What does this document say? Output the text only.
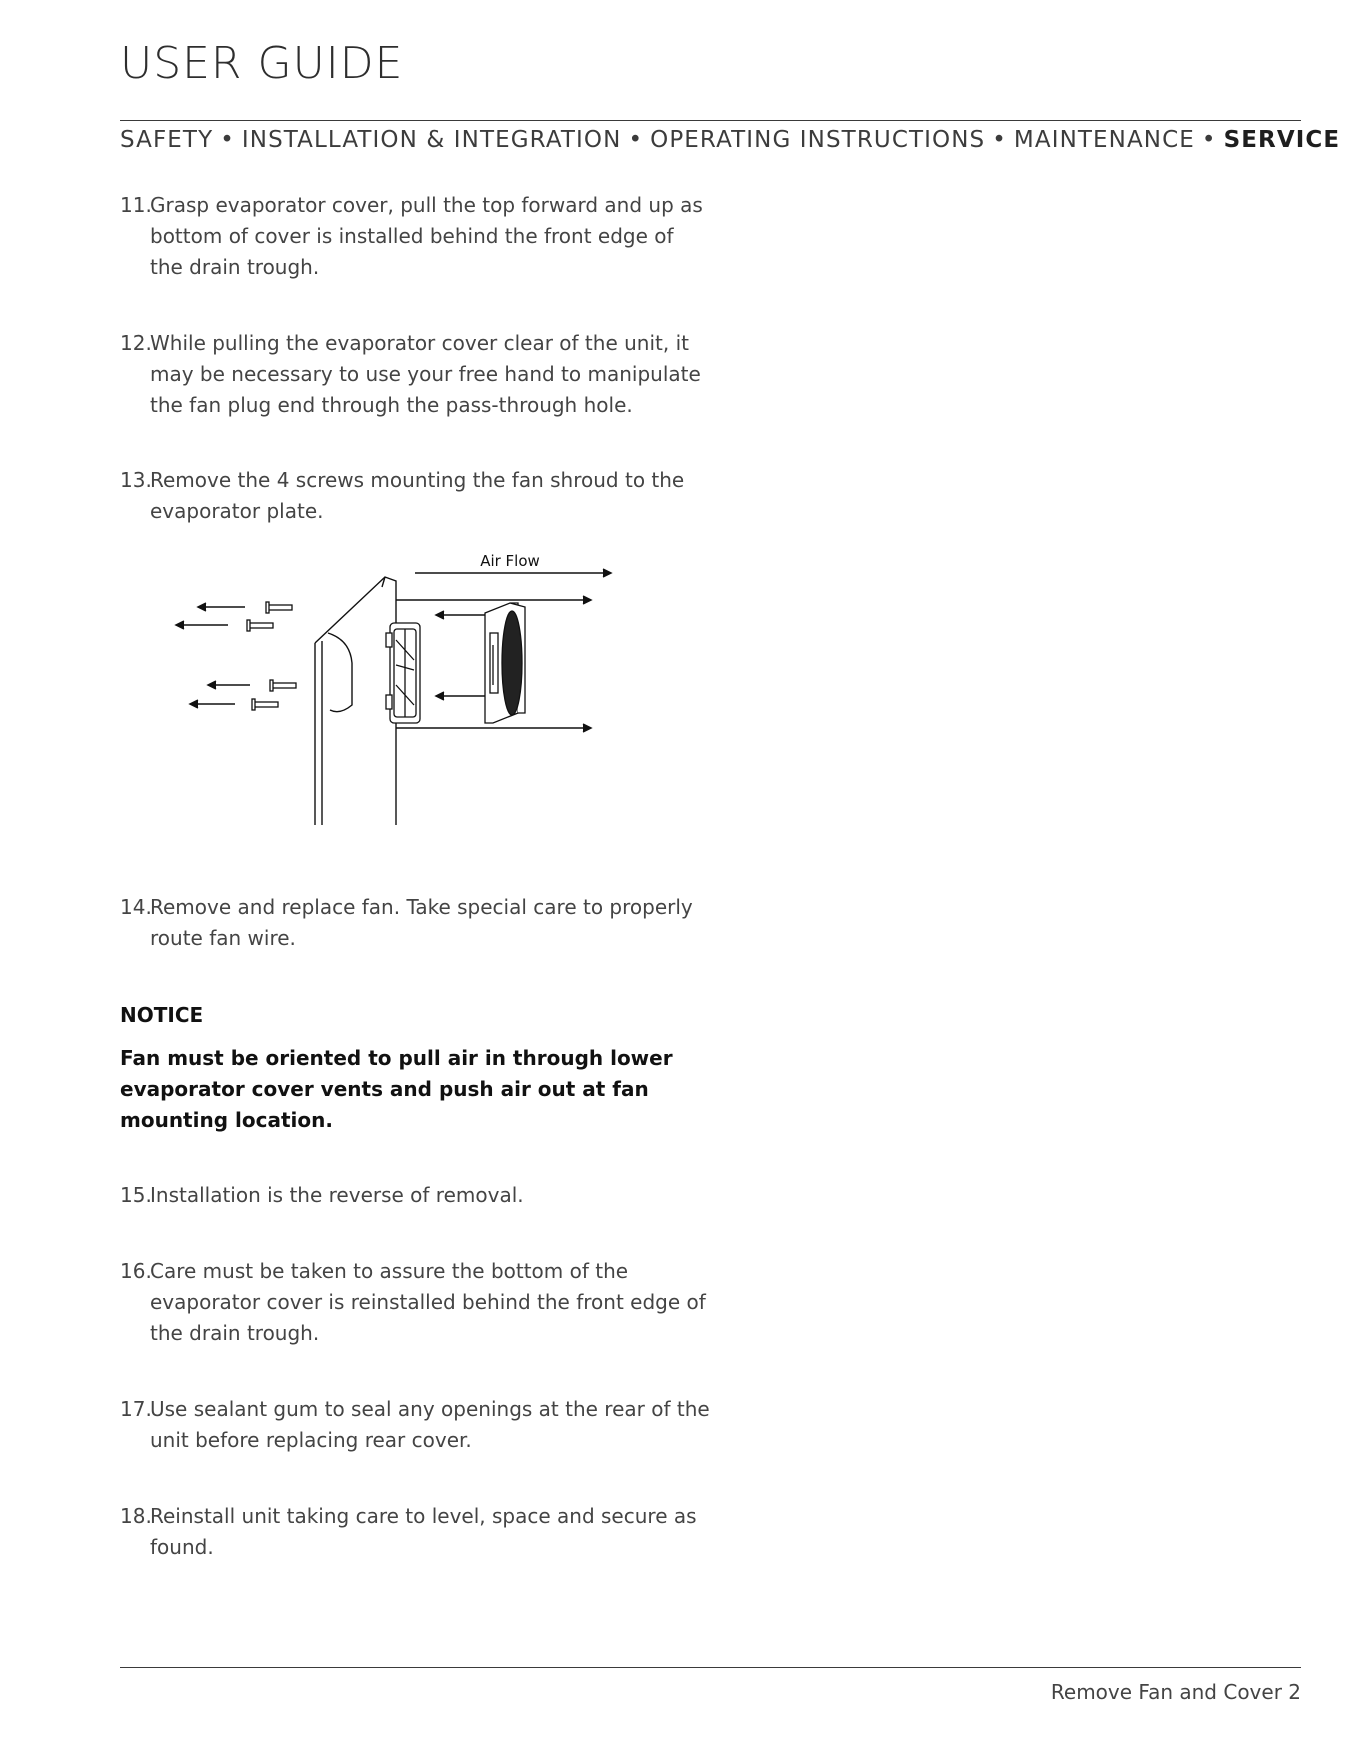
USER GUIDE

SAFETY • INSTALLATION & INTEGRATION • OPERATING INSTRUCTIONS • MAINTENANCE • SERVICE

11.
Grasp evaporator cover, pull the top forward and up as bottom of cover is installed behind the front edge of the drain trough.
12.
While pulling the evaporator cover clear of the unit, it may be necessary to use your free hand to manipulate the fan plug end through the pass-through hole.
13.
Remove the 4 screws mounting the fan shroud to the evaporator plate.
Air Flow
14.
Remove and replace fan. Take special care to properly route fan wire.

NOTICE

Fan must be oriented to pull air in through lower evaporator cover vents and push air out at fan mounting location.

15.
Installation is the reverse of removal.
16.
Care must be taken to assure the bottom of the evaporator cover is reinstalled behind the front edge of the drain trough.
17.
Use sealant gum to seal any openings at the rear of the unit before replacing rear cover.
18.
Reinstall unit taking care to level, space and secure as found.
Remove Fan and Cover 2
